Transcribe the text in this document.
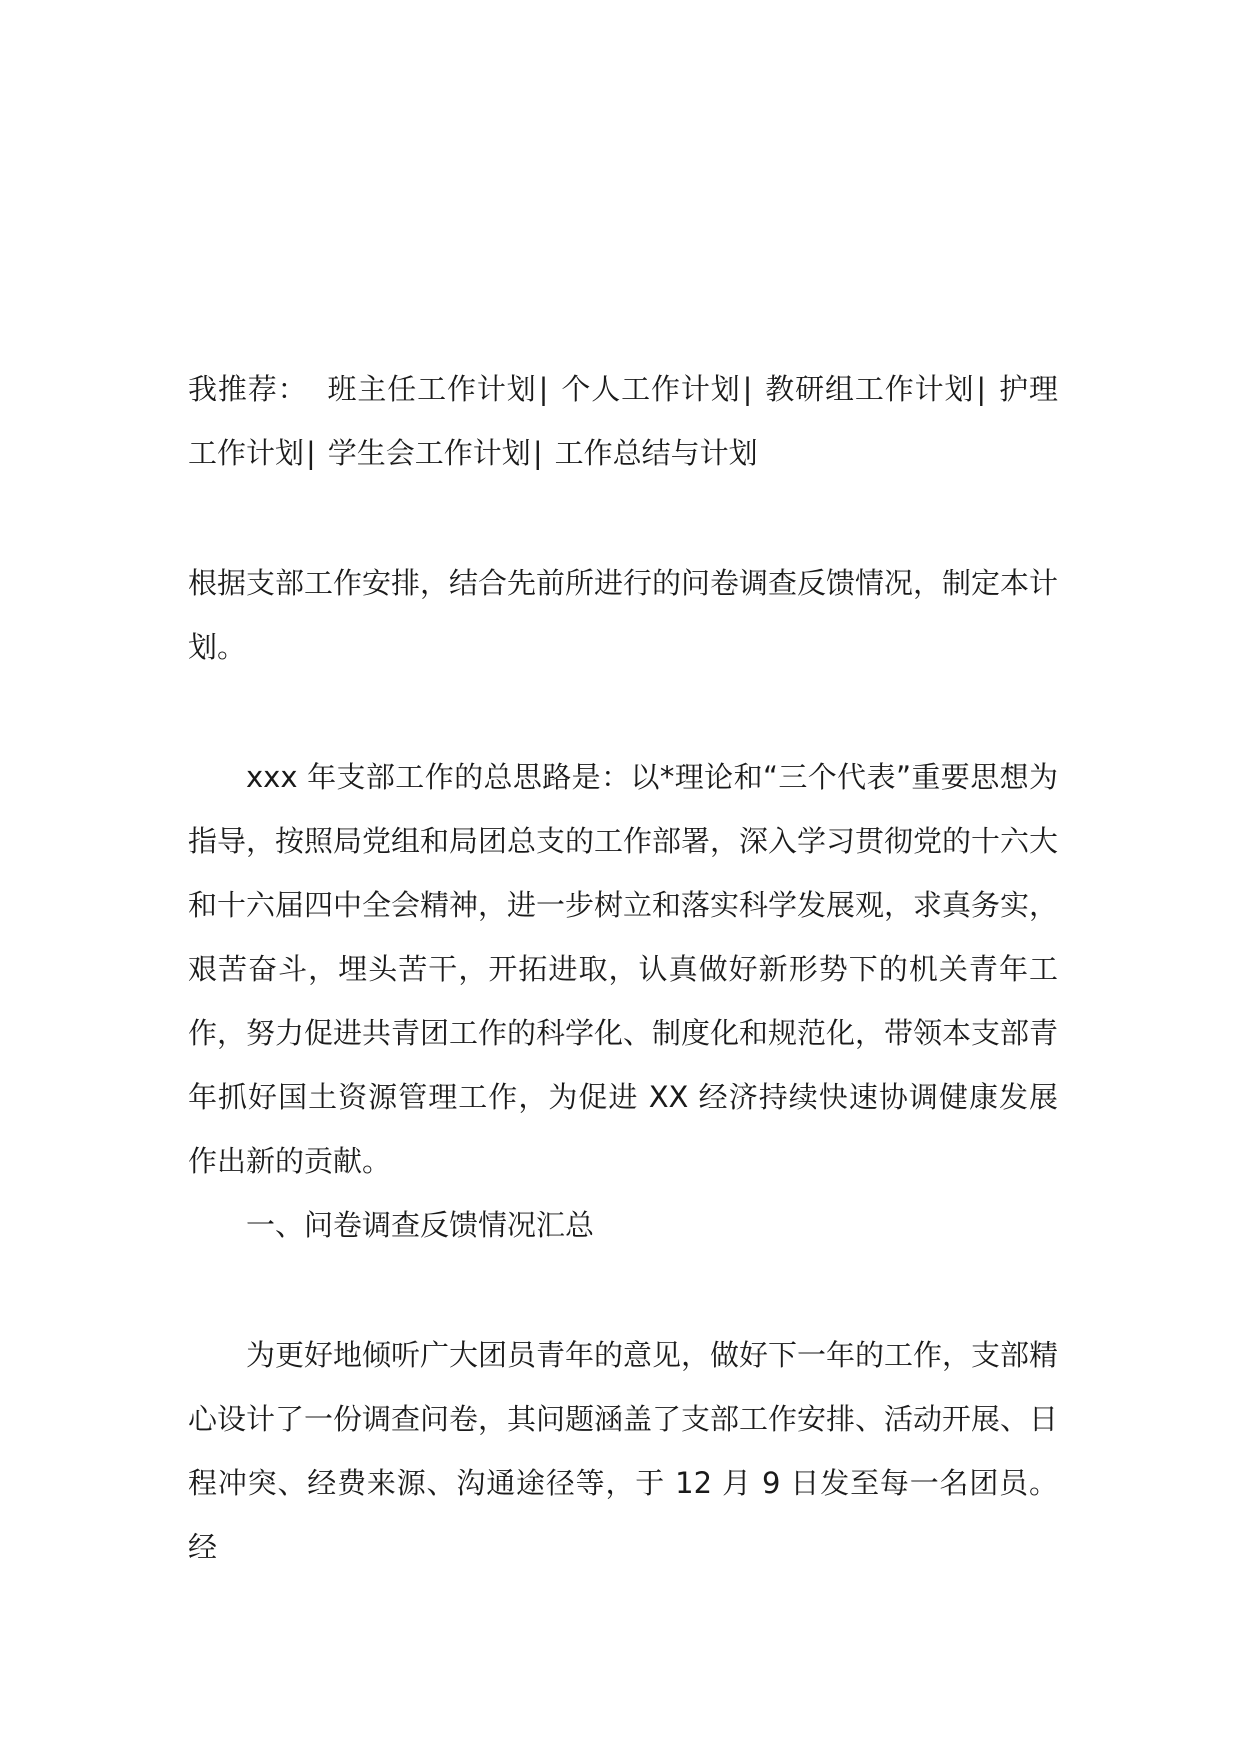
我推荐： 班主任工作计划| 个人工作计划| 教研组工作计划| 护理工作计划| 学生会工作计划| 工作总结与计划

根据支部工作安排，结合先前所进行的问卷调查反馈情况，制定本计划。

xxx 年支部工作的总思路是：以*理论和“三个代表”重要思想为指导，按照局党组和局团总支的工作部署，深入学习贯彻党的十六大和十六届四中全会精神，进一步树立和落实科学发展观，求真务实，艰苦奋斗，埋头苦干，开拓进取，认真做好新形势下的机关青年工作，努力促进共青团工作的科学化、制度化和规范化，带领本支部青年抓好国土资源管理工作，为促进 XX 经济持续快速协调健康发展作出新的贡献。

一、问卷调查反馈情况汇总

为更好地倾听广大团员青年的意见，做好下一年的工作，支部精心设计了一份调查问卷，其问题涵盖了支部工作安排、活动开展、日程冲突、经费来源、沟通途径等，于 12 月 9 日发至每一名团员。经
